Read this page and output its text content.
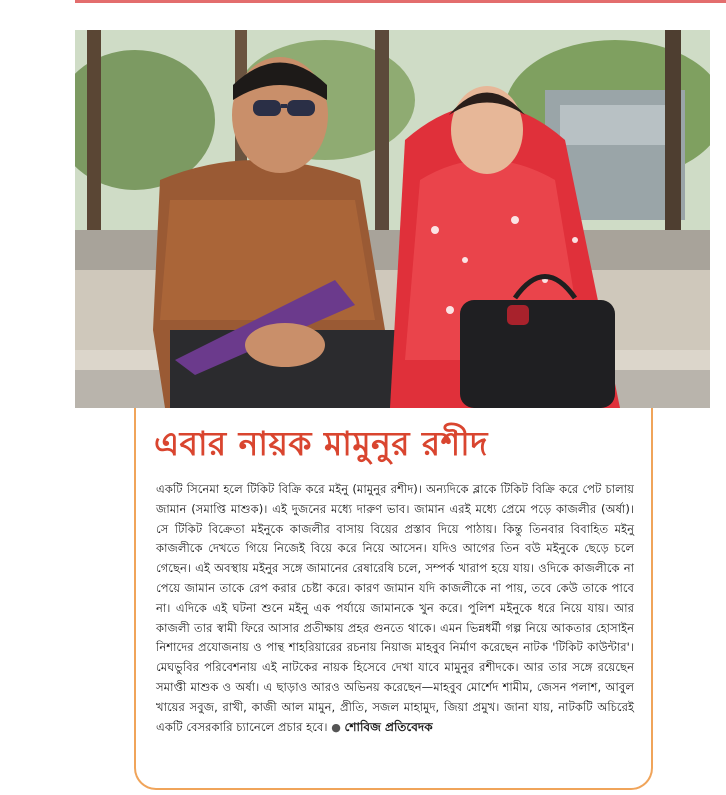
এবার নায়ক মামুনুর রশীদ

একটি সিনেমা হলে টিকিট বিক্রি করে মইনু (মামুনুর রশীদ)। অন্যদিকে ব্লাকে টিকিট বিক্রি করে পেট চালায় জামান (সমাপ্তি মাশুক)। এই দুজনের মধ্যে দারুণ ভাব। জামান এরই মধ্যে প্রেমে পড়ে কাজলীর (অর্ষা)। সে টিকিট বিক্রেতা মইনুকে কাজলীর বাসায় বিয়ের প্রস্তাব দিয়ে পাঠায়। কিন্তু তিনবার বিবাহিত মইনু কাজলীকে দেখতে গিয়ে নিজেই বিয়ে করে নিয়ে আসেন। যদিও আগের তিন বউ মইনুকে ছেড়ে চলে গেছেন। এই অবস্থায় মইনুর সঙ্গে জামানের রেষারেষি চলে, সম্পর্ক খারাপ হয়ে যায়। ওদিকে কাজলীকে না পেয়ে জামান তাকে রেপ করার চেষ্টা করে। কারণ জামান যদি কাজলীকে না পায়, তবে কেউ তাকে পাবে না। এদিকে এই ঘটনা শুনে মইনু এক পর্যায়ে জামানকে খুন করে। পুলিশ মইনুকে ধরে নিয়ে যায়। আর কাজলী তার স্বামী ফিরে আসার প্রতীক্ষায় প্রহর গুনতে থাকে। এমন ভিন্নধর্মী গল্প নিয়ে আকতার হোসাইন নিশাদের প্রযোজনায় ও পান্থ শাহরিয়ারের রচনায় নিয়াজ মাহবুব নির্মাণ করেছেন নাটক 'টিকিট কাউন্টার'। মেঘভুবির পরিবেশনায় এই নাটকের নায়ক হিসেবে দেখা যাবে মামুনুর রশীদকে। আর তার সঙ্গে রয়েছেন সমাপ্তী মাশুক ও অর্ষা। এ ছাড়াও আরও অভিনয় করেছেন—মাহবুব মোর্শেদ শামীম, জেসন পলাশ, আবুল খায়ের সবুজ, রাখী, কাজী আল মামুন, প্রীতি, সজল মাহামুদ, জিয়া প্রমুখ। জানা যায়, নাটকটি অচিরেই একটি বেসরকারি চ্যানেলে প্রচার হবে। ● শোবিজ প্রতিবেদক
